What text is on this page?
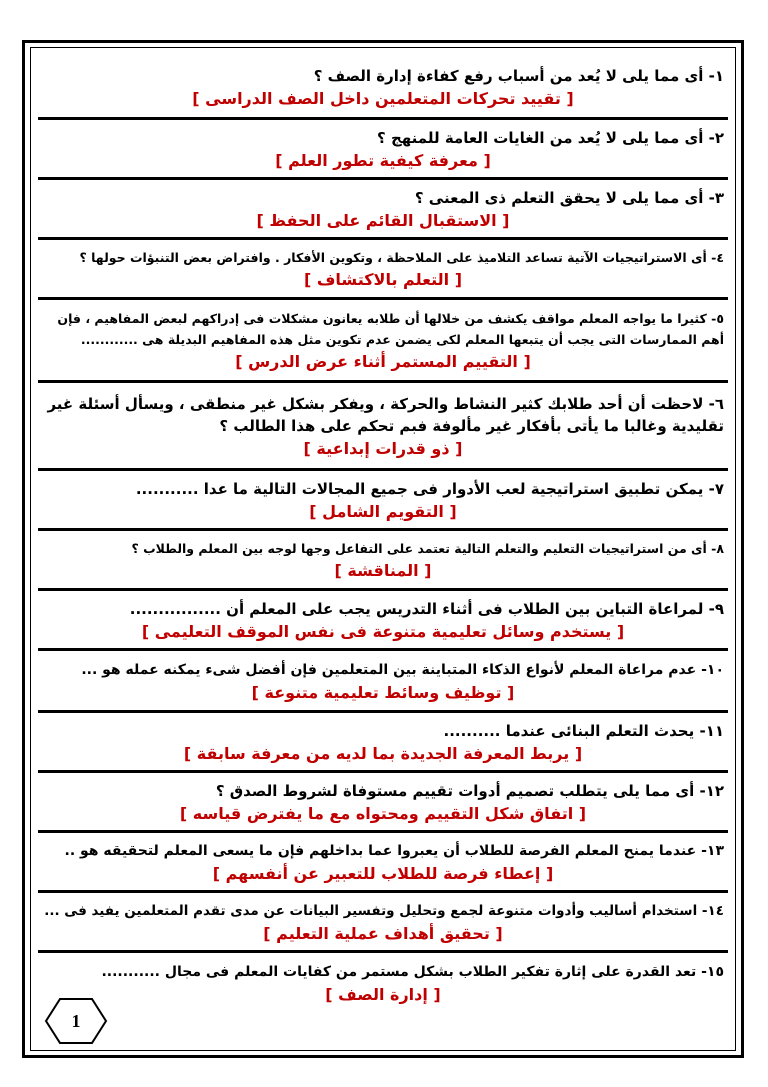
١- أى مما يلى لا يُعد من أسباب رفع كفاءة إدارة الصف ؟
[ تقييد تحركات المتعلمين داخل الصف الدراسى ]
٢- أى مما يلى لا يُعد من الغايات العامة للمنهج ؟
[ معرفة كيفية تطور العلم ]
٣- أى مما يلى لا يحقق التعلم ذى المعنى ؟
[ الاستقبال القائم على الحفظ ]
٤- أى الاستراتيجيات الآتية تساعد التلاميذ على الملاحظة ، وتكوين الأفكار . وافتراض بعض التنبؤات حولها ؟
[ التعلم بالاكتشاف ]
٥- كثيرا ما يواجه المعلم مواقف يكشف من خلالها أن طلابه يعانون مشكلات فى إدراكهم لبعض المفاهيم ، فإن أهم الممارسات التى يجب أن يتبعها المعلم لكى يضمن عدم تكوين مثل هذه المفاهيم البديلة هى ............
[ التقييم المستمر أثناء عرض الدرس ]
٦- لاحظت أن أحد طلابك كثير النشاط والحركة ، ويفكر بشكل غير منطقى ، ويسأل أسئلة غير تقليدية وغالبا ما يأتى بأفكار غير مألوفة فبم تحكم على هذا الطالب ؟
[ ذو قدرات إبداعية ]
٧- يمكن تطبيق استراتيجية لعب الأدوار فى جميع المجالات التالية ما عدا ...........
[ التقويم الشامل ]
٨- أى من استراتيجيات التعليم والتعلم التالية تعتمد على التفاعل وجها لوجه بين المعلم والطلاب ؟
[ المناقشة ]
٩- لمراعاة التباين بين الطلاب فى أثناء التدريس يجب على المعلم أن ................
[ يستخدم وسائل تعليمية متنوعة فى نفس الموقف التعليمى ]
١٠- عدم مراعاة المعلم لأنواع الذكاء المتباينة بين المتعلمين فإن أفضل شىء يمكنه عمله هو ...
[ توظيف وسائط تعليمية متنوعة ]
١١- يحدث التعلم البنائى عندما ..........
[ يربط المعرفة الجديدة بما لديه من معرفة سابقة ]
١٢- أى مما يلى يتطلب تصميم أدوات تقييم مستوفاة لشروط الصدق ؟
[ اتفاق شكل التقييم ومحتواه مع ما يفترض قياسه ]
١٣- عندما يمنح المعلم الفرصة للطلاب أن يعبروا عما بداخلهم فإن ما يسعى المعلم لتحقيقه هو ..
[ إعطاء فرصة للطلاب للتعبير عن أنفسهم ]
١٤- استخدام أساليب وأدوات متنوعة لجمع وتحليل وتفسير البيانات عن مدى تقدم المتعلمين يفيد فى ...
[ تحقيق أهداف عملية التعليم ]
١٥- تعد القدرة على إثارة تفكير الطلاب بشكل مستمر من كفايات المعلم فى مجال ...........
[ إدارة الصف ]
1
